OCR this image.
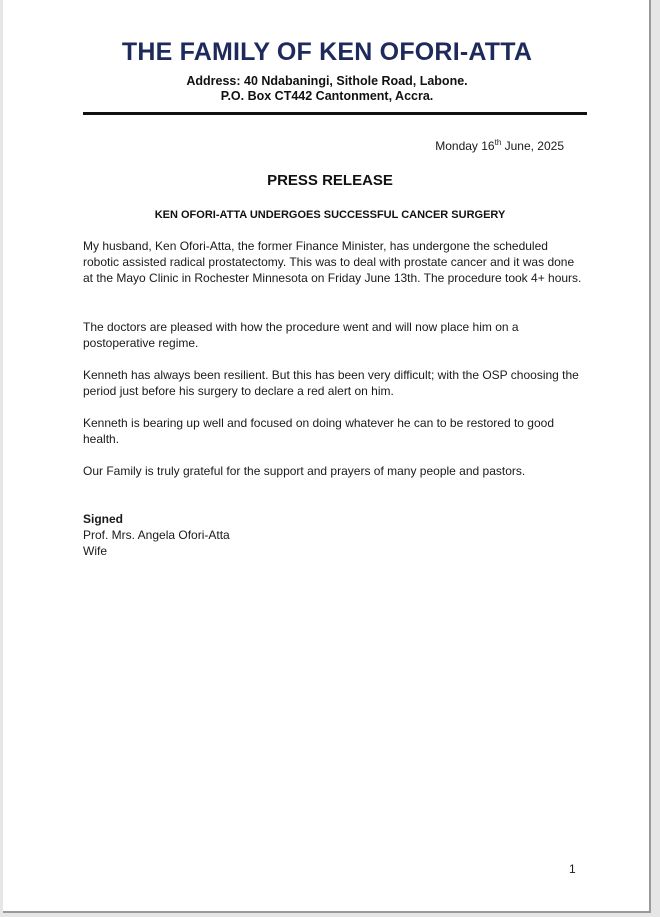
THE FAMILY OF KEN OFORI-ATTA
Address: 40 Ndabaningi, Sithole Road, Labone.
P.O. Box CT442 Cantonment, Accra.
Monday 16th June, 2025
PRESS RELEASE
KEN OFORI-ATTA UNDERGOES SUCCESSFUL CANCER SURGERY

My husband, Ken Ofori-Atta, the former Finance Minister, has undergone the scheduled robotic assisted radical prostatectomy. This was to deal with prostate cancer and it was done at the Mayo Clinic in Rochester Minnesota on Friday June 13th. The procedure took 4+ hours.

The doctors are pleased with how the procedure went and will now place him on a postoperative regime.

Kenneth has always been resilient. But this has been very difficult; with the OSP choosing the period just before his surgery to declare a red alert on him.

Kenneth is bearing up well and focused on doing whatever he can to be restored to good health.

Our Family is truly grateful for the support and prayers of many people and pastors.

Signed
Prof. Mrs. Angela Ofori-Atta
Wife
1
